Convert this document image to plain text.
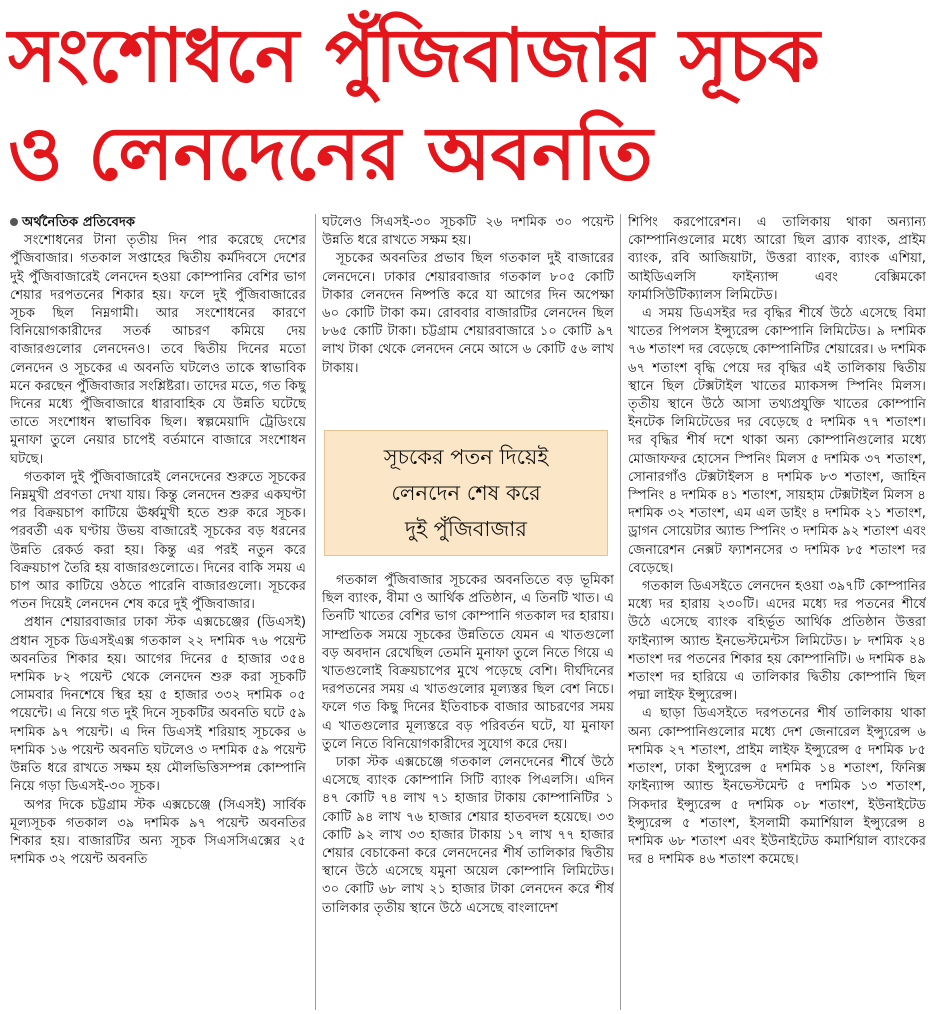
সংশোধনে পুঁজিবাজার সূচক
ও লেনদেনের অবনতি

অর্থনৈতিক প্রতিবেদক

সংশোধনের টানা তৃতীয় দিন পার করেছে দেশের পুঁজিবাজার। গতকাল সপ্তাহের দ্বিতীয় কর্মদিবসে দেশের দুই পুঁজিবাজারেই লেনদেন হওয়া কোম্পানির বেশির ভাগ শেয়ার দরপতনের শিকার হয়। ফলে দুই পুঁজিবাজারের সূচক ছিল নিম্নগামী। আর সংশোধনের কারণে বিনিয়োগকারীদের সতর্ক আচরণ কমিয়ে দেয় বাজারগুলোর লেনদেনও। তবে দ্বিতীয় দিনের মতো লেনদেন ও সূচকের এ অবনতি ঘটলেও তাকে স্বাভাবিক মনে করছেন পুঁজিবাজার সংশ্লিষ্টরা। তাদের মতে, গত কিছু দিনের মধ্যে পুঁজিবাজারে ধারাবাহিক যে উন্নতি ঘটেছে তাতে সংশোধন স্বাভাবিক ছিল। স্বল্পমেয়াদি ট্রেডিংয়ে মুনাফা তুলে নেয়ার চাপেই বর্তমানে বাজারে সংশোধন ঘটছে।

গতকাল দুই পুঁজিবাজারেই লেনদেনের শুরুতে সূচকের নিম্নমুখী প্রবণতা দেখা যায়। কিন্তু লেনদেন শুরুর একঘণ্টা পর বিক্রয়চাপ কাটিয়ে ঊর্ধ্বমুখী হতে শুরু করে সূচক। পরবর্তী এক ঘণ্টায় উভয় বাজারেই সূচকের বড় ধরনের উন্নতি রেকর্ড করা হয়। কিন্তু এর পরই নতুন করে বিক্রয়চাপ তৈরি হয় বাজারগুলোতে। দিনের বাকি সময় এ চাপ আর কাটিয়ে ওঠতে পারেনি বাজারগুলো। সূচকের পতন দিয়েই লেনদেন শেষ করে দুই পুঁজিবাজার।

প্রধান শেয়ারবাজার ঢাকা স্টক এক্সচেঞ্জের (ডিএসই) প্রধান সূচক ডিএসইএক্স গতকাল ২২ দশমিক ৭৬ পয়েন্ট অবনতির শিকার হয়। আগের দিনের ৫ হাজার ৩৫৪ দশমিক ৮২ পয়েন্ট থেকে লেনদেন শুরু করা সূচকটি সোমবার দিনশেষে স্থির হয় ৫ হাজার ৩৩২ দশমিক ০৫ পয়েন্টে। এ নিয়ে গত দুই দিনে সূচকটির অবনতি ঘটে ৫৯ দশমিক ৯৭ পয়েন্ট। এ দিন ডিএসই শরিয়াহ সূচকের ৬ দশমিক ১৬ পয়েন্ট অবনতি ঘটলেও ৩ দশমিক ৫৯ পয়েন্ট উন্নতি ধরে রাখতে সক্ষম হয় মৌলভিত্তিসম্পন্ন কোম্পানি নিয়ে গড়া ডিএসই-৩০ সূচক।

অপর দিকে চট্টগ্রাম স্টক এক্সচেঞ্জে (সিএসই) সার্বিক মূল্যসূচক গতকাল ৩৯ দশমিক ৯৭ পয়েন্ট অবনতির শিকার হয়। বাজারটির অন্য সূচক সিএসসিএক্সের ২৫ দশমিক ৩২ পয়েন্ট অবনতি

ঘটলেও সিএসই-৩০ সূচকটি ২৬ দশমিক ৩০ পয়েন্ট উন্নতি ধরে রাখতে সক্ষম হয়।

সূচকের অবনতির প্রভাব ছিল গতকাল দুই বাজারের লেনদেনে। ঢাকার শেয়ারবাজার গতকাল ৮০৫ কোটি টাকার লেনদেন নিষ্পত্তি করে যা আগের দিন অপেক্ষা ৬০ কোটি টাকা কম। রোববার বাজারটির লেনদেন ছিল ৮৬৫ কোটি টাকা। চট্টগ্রাম শেয়ারবাজারে ১০ কোটি ৯৭ লাখ টাকা থেকে লেনদেন নেমে আসে ৬ কোটি ৫৬ লাখ টাকায়।

সূচকের পতন দিয়েই
লেনদেন শেষ করে
দুই পুঁজিবাজার

গতকাল পুঁজিবাজার সূচকের অবনতিতে বড় ভূমিকা ছিল ব্যাংক, বীমা ও আর্থিক প্রতিষ্ঠান, এ তিনটি খাত। এ তিনটি খাতের বেশির ভাগ কোম্পানি গতকাল দর হারায়। সাম্প্রতিক সময়ে সূচকের উন্নতিতে যেমন এ খাতগুলো বড় অবদান রেখেছিল তেমনি মুনাফা তুলে নিতে গিয়ে এ খাতগুলোই বিক্রয়চাপের মুখে পড়েছে বেশি। দীর্ঘদিনের দরপতনের সময় এ খাতগুলোর মূল্যস্তর ছিল বেশ নিচে। ফলে গত কিছু দিনের ইতিবাচক বাজার আচরণের সময় এ খাতগুলোর মূল্যস্তরে বড় পরিবর্তন ঘটে, যা মুনাফা তুলে নিতে বিনিয়োগকারীদের সুযোগ করে দেয়।

ঢাকা স্টক এক্সচেঞ্জে গতকাল লেনদেনের শীর্ষে উঠে এসেছে ব্যাংক কোম্পানি সিটি ব্যাংক পিএলসি। এদিন ৪৭ কোটি ৭৪ লাখ ৭১ হাজার টাকায় কোম্পানিটির ১ কোটি ৯৪ লাখ ৭৬ হাজার শেয়ার হাতবদল হয়েছে। ৩৩ কোটি ৯২ লাখ ৩৩ হাজার টাকায় ১৭ লাখ ৭৭ হাজার শেয়ার বেচাকেনা করে লেনদেনের শীর্ষ তালিকার দ্বিতীয় স্থানে উঠে এসেছে যমুনা অয়েল কোম্পানি লিমিটেড। ৩০ কোটি ৬৮ লাখ ২১ হাজার টাকা লেনদেন করে শীর্ষ তালিকার তৃতীয় স্থানে উঠে এসেছে বাংলাদেশ

শিপিং করপোরেশন। এ তালিকায় থাকা অন্যান্য কোম্পানিগুলোর মধ্যে আরো ছিল ব্র্যাক ব্যাংক, প্রাইম ব্যাংক, রবি আজিয়াটা, উত্তরা ব্যাংক, ব্যাংক এশিয়া, আইডিএলসি ফাইন্যান্স এবং বেক্সিমকো ফার্মাসিউটিক্যালস লিমিটেড।

এ সময় ডিএসইর দর বৃদ্ধির শীর্ষে উঠে এসেছে বিমা খাতের পিপলস ইন্স্যুরেন্স কোম্পানি লিমিটেড। ৯ দশমিক ৭৬ শতাংশ দর বেড়েছে কোম্পানিটির শেয়ারের। ৬ দশমিক ৬৭ শতাংশ বৃদ্ধি পেয়ে দর বৃদ্ধির এই তালিকায় দ্বিতীয় স্থানে ছিল টেক্সটাইল খাতের ম্যাকসন্স স্পিনিং মিলস। তৃতীয় স্থানে উঠে আসা তথ্যপ্রযুক্তি খাতের কোম্পানি ইনটেক লিমিটেডের দর বেড়েছে ৫ দশমিক ৭৭ শতাংশ। দর বৃদ্ধির শীর্ষ দশে থাকা অন্য কোম্পানিগুলোর মধ্যে মোজাফফর হোসেন স্পিনিং মিলস ৫ দশমিক ৩৭ শতাংশ, সোনারগাঁও টেক্সটাইলস ৪ দশমিক ৮৩ শতাংশ, জাহিন স্পিনিং ৪ দশমিক ৪১ শতাংশ, সায়হাম টেক্সটাইল মিলস ৪ দশমিক ৩২ শতাংশ, এম এল ডাইং ৪ দশমিক ২১ শতাংশ, ড্রাগন সোয়েটার অ্যান্ড স্পিনিং ৩ দশমিক ৯২ শতাংশ এবং জেনারেশন নেক্সট ফ্যাশনসের ৩ দশমিক ৮৫ শতাংশ দর বেড়েছে।

গতকাল ডিএসইতে লেনদেন হওয়া ৩৯৭টি কোম্পানির মধ্যে দর হারায় ২৩০টি। এদের মধ্যে দর পতনের শীর্ষে উঠে এসেছে ব্যাংক বহির্ভূত আর্থিক প্রতিষ্ঠান উত্তরা ফাইন্যান্স অ্যান্ড ইনভেস্টমেন্টস লিমিটেড। ৮ দশমিক ২৪ শতাংশ দর পতনের শিকার হয় কোম্পানিটি। ৬ দশমিক ৪৯ শতাংশ দর হারিয়ে এ তালিকার দ্বিতীয় কোম্পানি ছিল পদ্মা লাইফ ইন্স্যুরেন্স।

এ ছাড়া ডিএসইতে দরপতনের শীর্ষ তালিকায় থাকা অন্য কোম্পানিগুলোর মধ্যে দেশ জেনারেল ইন্স্যুরেন্স ৬ দশমিক ২৭ শতাংশ, প্রাইম লাইফ ইন্স্যুরেন্স ৫ দশমিক ৮৫ শতাংশ, ঢাকা ইন্স্যুরেন্স ৫ দশমিক ১৪ শতাংশ, ফিনিক্স ফাইন্যান্স অ্যান্ড ইনভেস্টমেন্ট ৫ দশমিক ১৩ শতাংশ, সিকদার ইন্স্যুরেন্স ৫ দশমিক ০৮ শতাংশ, ইউনাইটেড ইন্স্যুরেন্স ৫ শতাংশ, ইসলামী কমার্শিয়াল ইন্স্যুরেন্স ৪ দশমিক ৬৮ শতাংশ এবং ইউনাইটেড কমার্শিয়াল ব্যাংকের দর ৪ দশমিক ৪৬ শতাংশ কমেছে।
